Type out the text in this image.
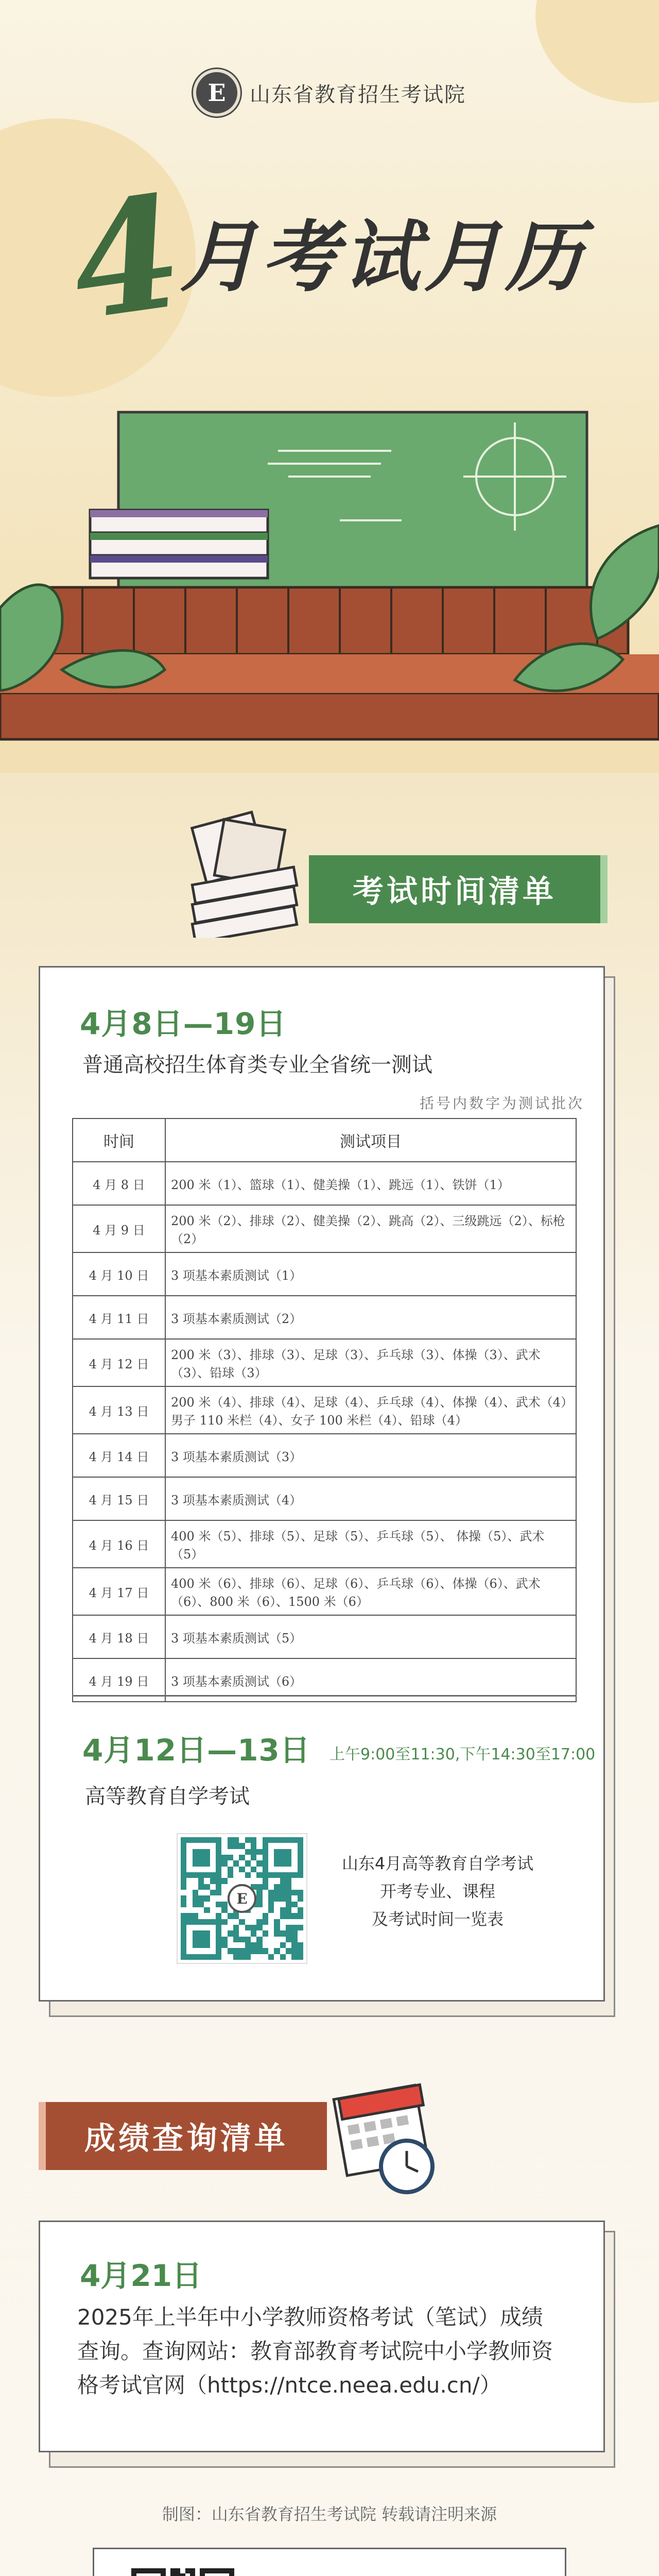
E	山东省教育招生考试院
4月考试月历
考试时间清单
4月8日—19日
普通高校招生体育类专业全省统一测试
括号内数字为测试批次
时间	测试项目
4 月 8 日	200 米（1）、篮球（1）、健美操（1）、跳远（1）、铁饼（1）
4 月 9 日	200 米（2）、排球（2）、健美操（2）、跳高（2）、三级跳远（2）、标枪（2）
4 月 10 日	3 项基本素质测试（1）
4 月 11 日	3 项基本素质测试（2）
4 月 12 日	200 米（3）、排球（3）、足球（3）、乒乓球（3）、体操（3）、武术（3）、铅球（3）
4 月 13 日	200 米（4）、排球（4）、足球（4）、乒乓球（4）、体操（4）、武术（4）男子 110 米栏（4）、女子 100 米栏（4）、铅球（4）
4 月 14 日	3 项基本素质测试（3）
4 月 15 日	3 项基本素质测试（4）
4 月 16 日	400 米（5）、排球（5）、足球（5）、乒乓球（5）、 体操（5）、武术（5）
4 月 17 日	400 米（6）、排球（6）、足球（6）、乒乓球（6）、体操（6）、武术（6）、800 米（6）、1500 米（6）
4 月 18 日	3 项基本素质测试（5）
4 月 19 日	3 项基本素质测试（6）
4月12日—13日 上午9:00至11:30,下午14:30至17:00
高等教育自学考试
E
山东4月高等教育自学考试
开考专业、课程
及考试时间一览表
成绩查询清单
4月21日
2025年上半年中小学教师资格考试（笔试）成绩
查询。查询网站：教育部教育考试院中小学教师资
格考试官网（https://ntce.neea.edu.cn/）
制图：山东省教育招生考试院 转载请注明来源
